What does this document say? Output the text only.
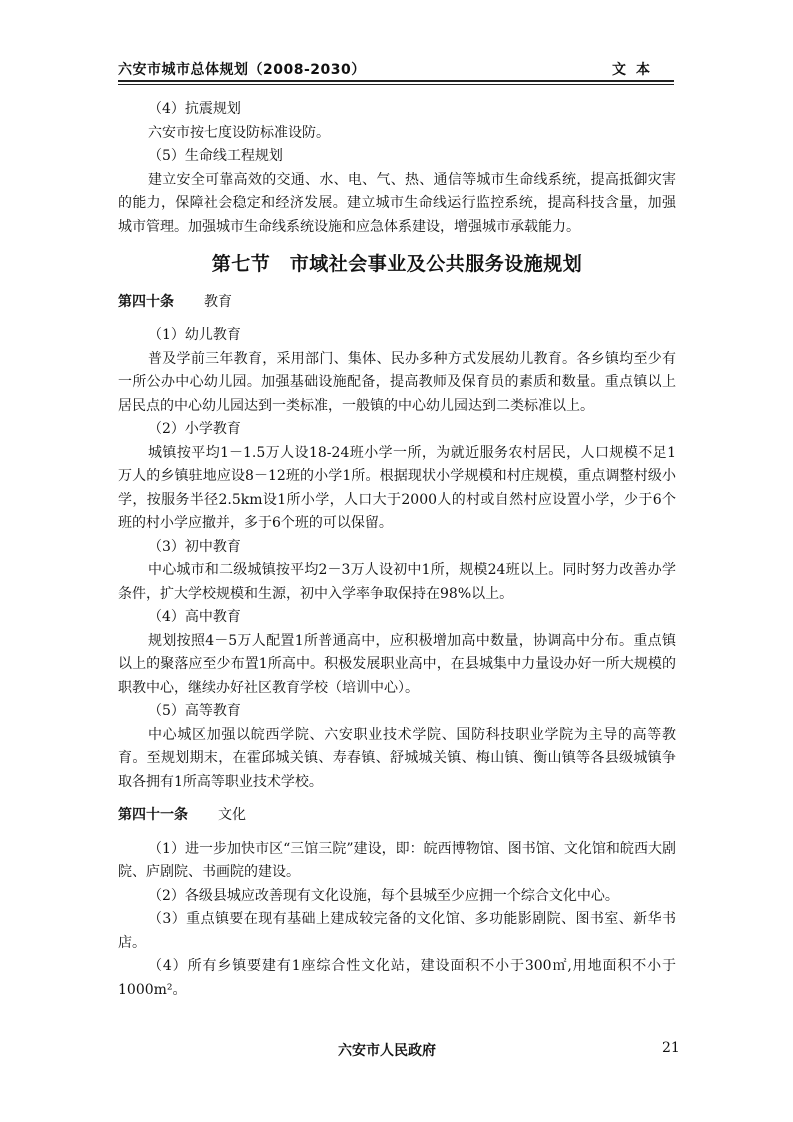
六安市城市总体规划（2008-2030）	文本

（4）抗震规划

六安市按七度设防标准设防。

（5）生命线工程规划

建立安全可靠高效的交通、水、电、气、热、通信等城市生命线系统，提高抵御灾害的能力，保障社会稳定和经济发展。建立城市生命线运行监控系统，提高科技含量，加强城市管理。加强城市生命线系统设施和应急体系建设，增强城市承载能力。

第七节　市域社会事业及公共服务设施规划
第四十条 教育

（1）幼儿教育

普及学前三年教育，采用部门、集体、民办多种方式发展幼儿教育。各乡镇均至少有一所公办中心幼儿园。加强基础设施配备，提高教师及保育员的素质和数量。重点镇以上居民点的中心幼儿园达到一类标准，一般镇的中心幼儿园达到二类标准以上。

（2）小学教育

城镇按平均1－1.5万人设18-24班小学一所，为就近服务农村居民，人口规模不足1万人的乡镇驻地应设8－12班的小学1所。根据现状小学规模和村庄规模，重点调整村级小学，按服务半径2.5km设1所小学，人口大于2000人的村或自然村应设置小学，少于6个班的村小学应撤并，多于6个班的可以保留。

（3）初中教育

中心城市和二级城镇按平均2－3万人设初中1所，规模24班以上。同时努力改善办学条件，扩大学校规模和生源，初中入学率争取保持在98%以上。

（4）高中教育

规划按照4－5万人配置1所普通高中，应积极增加高中数量，协调高中分布。重点镇以上的聚落应至少布置1所高中。积极发展职业高中，在县城集中力量设办好一所大规模的职教中心，继续办好社区教育学校（培训中心）。

（5）高等教育

中心城区加强以皖西学院、六安职业技术学院、国防科技职业学院为主导的高等教育。至规划期末，在霍邱城关镇、寿春镇、舒城城关镇、梅山镇、衡山镇等各县级城镇争取各拥有1所高等职业技术学校。

第四十一条 文化

（1）进一步加快市区“三馆三院”建设，即：皖西博物馆、图书馆、文化馆和皖西大剧院、庐剧院、书画院的建设。

（2）各级县城应改善现有文化设施，每个县城至少应拥一个综合文化中心。

（3）重点镇要在现有基础上建成较完备的文化馆、多功能影剧院、图书室、新华书店。

（4）所有乡镇要建有1座综合性文化站，建设面积不小于300㎡,用地面积不小于1000m²。

六安市人民政府	21
